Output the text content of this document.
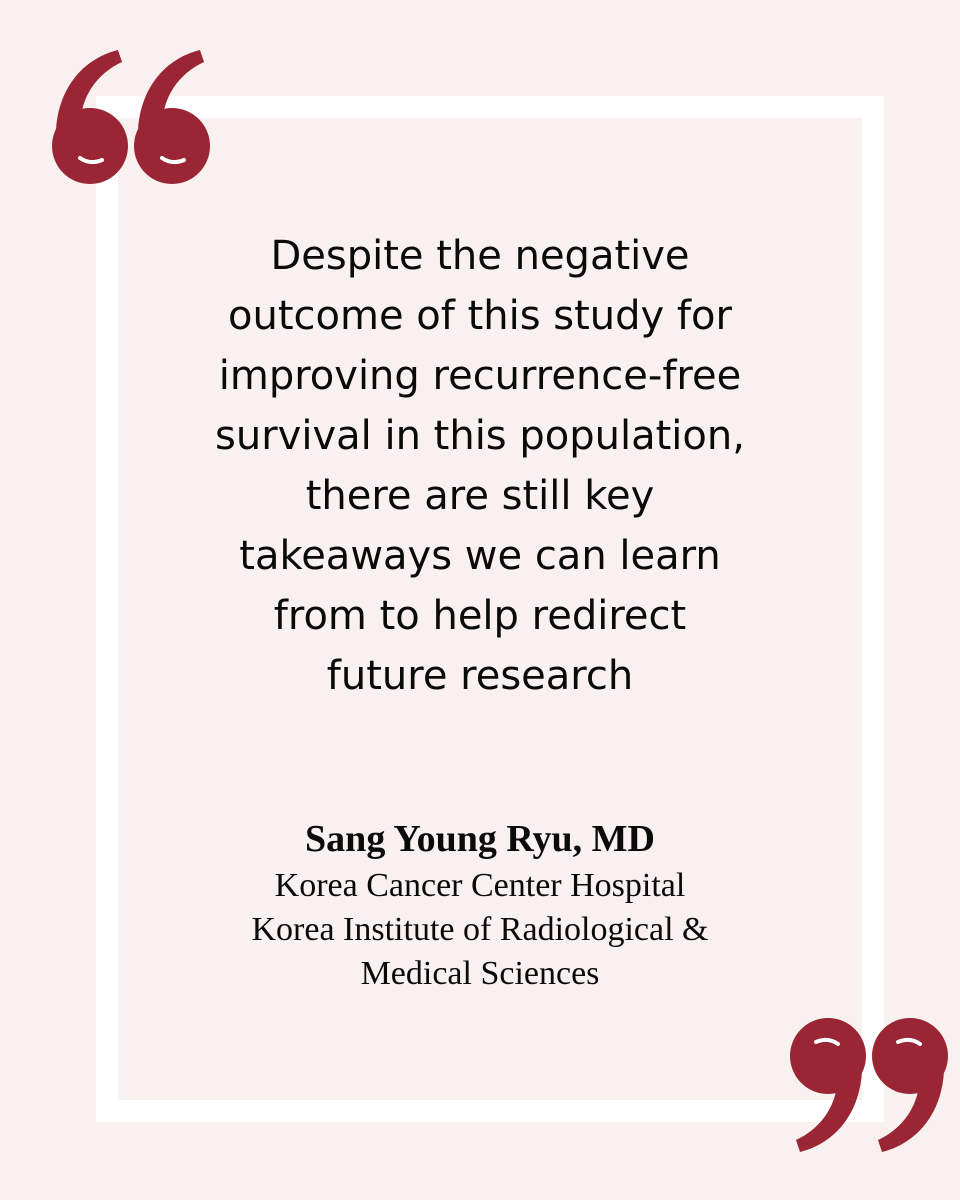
Despite the negative
outcome of this study for
improving recurrence-free
survival in this population,
there are still key
takeaways we can learn
from to help redirect
future research

Sang Young Ryu, MD
Korea Cancer Center Hospital
Korea Institute of Radiological &
Medical Sciences
